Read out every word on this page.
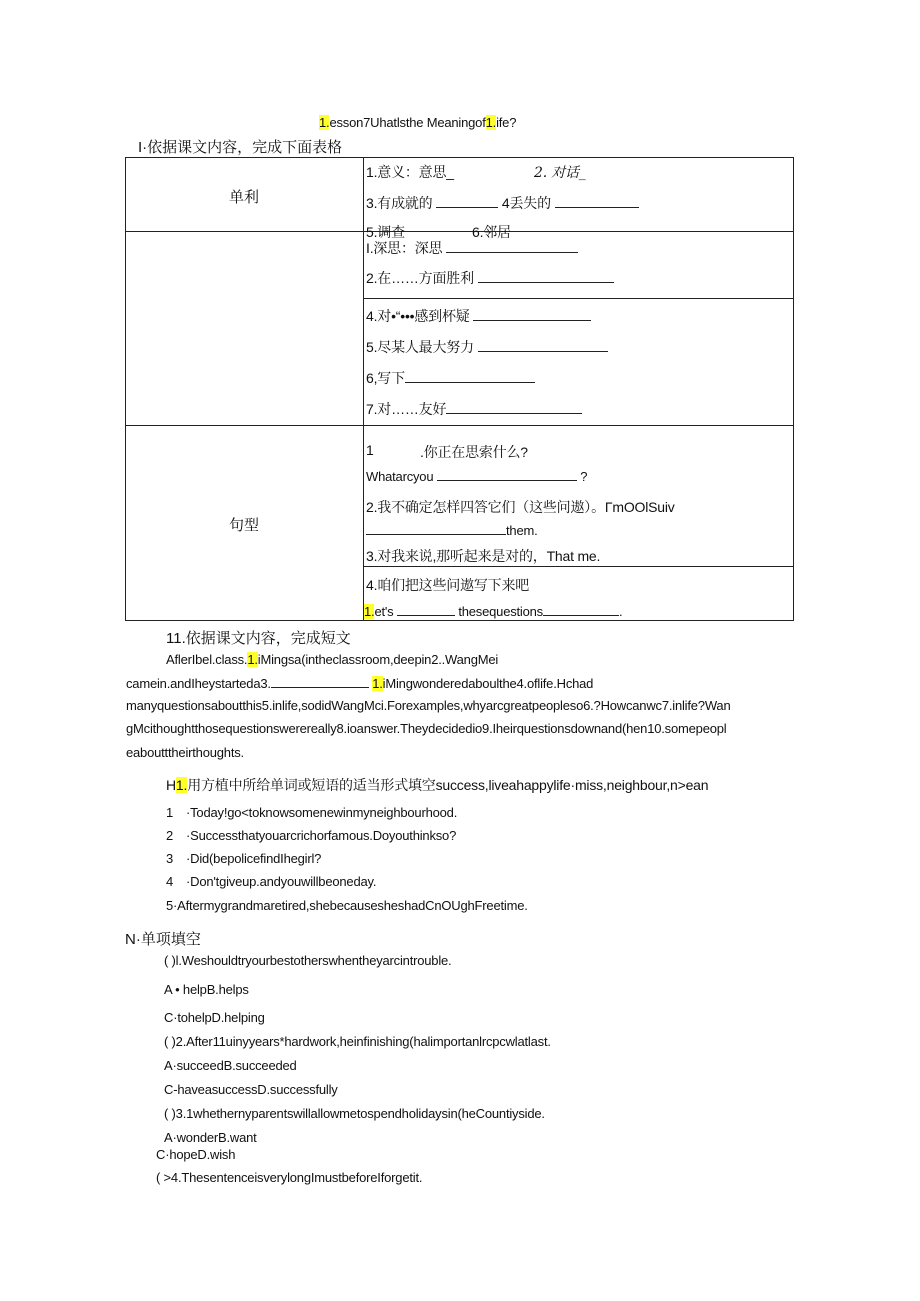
1.esson7Uhatlsthe Meaningof1.ife?
I·依据课文内容，完成下面表格
单利
1.意义：意思_	2. 对话_
3.有成就的	4丢失的
5.调查	6.邻居
I.深思：深思
2.在……方面胜利
4.对•“•••感到杯疑
5.尽某人最大努力
6,写下
7.对……友好
句型
1	.你正在思索什么?
Whatarcyou	?
2.我不确定怎样四答它们（这些问遨）。ΓmOOlSuiv
them.
3.对我来说,那听起来是对的，That me.
4.咱们把这些问遨写下来吧
1.et's	thesequestions	.
11.依据课文内容，完成短文
AflerIbel.class.1.iMingsa(intheclassroom,deepin2..WangMei
camein.andIheystarteda3.	1.iMingwonderedaboulthe4.oflife.Hchad
manyquestionsaboutthis5.inlife,sodidWangMci.Forexamples,whyarcgreatpeopleso6.?Howcanwc7.inlife?Wan
gMcithoughtthosequestionswerereally8.ioanswer.Theydecidedio9.Iheirquestionsdownand(hen10.somepeopl
eaboutttheirthoughts.
H1.用方植中所给单词或短语的适当形式填空success,liveahappylife·miss,neighbour,n>ean
1 ·Today!go<toknowsomenewinmyneighbourhood.
2 ·Successthatyouarcrichorfamous.Doyouthinkso?
3 ·Did(bepolicefindIhegirl?
4 ·Don'tgiveup.andyouwillbeoneday.
5·Aftermygrandmaretired,shebecausesheshadCnOUghFreetime.
N·单项填空
( )l.Weshouldtryourbestotherswhentheyarcintrouble.
A • helpB.helps
C·tohelpD.helping
( )2.After11uinyyears*hardwork,heinfinishing(halimportanlrcpcwlatlast.
A·succeedB.succeeded
C-haveasuccessD.successfully
( )3.1whethernyparentswillallowmetospendholidaysin(heCountiyside.
A·wonderB.want
C·hopeD.wish
( >4.ThesentenceisverylongImustbeforeIforgetit.
